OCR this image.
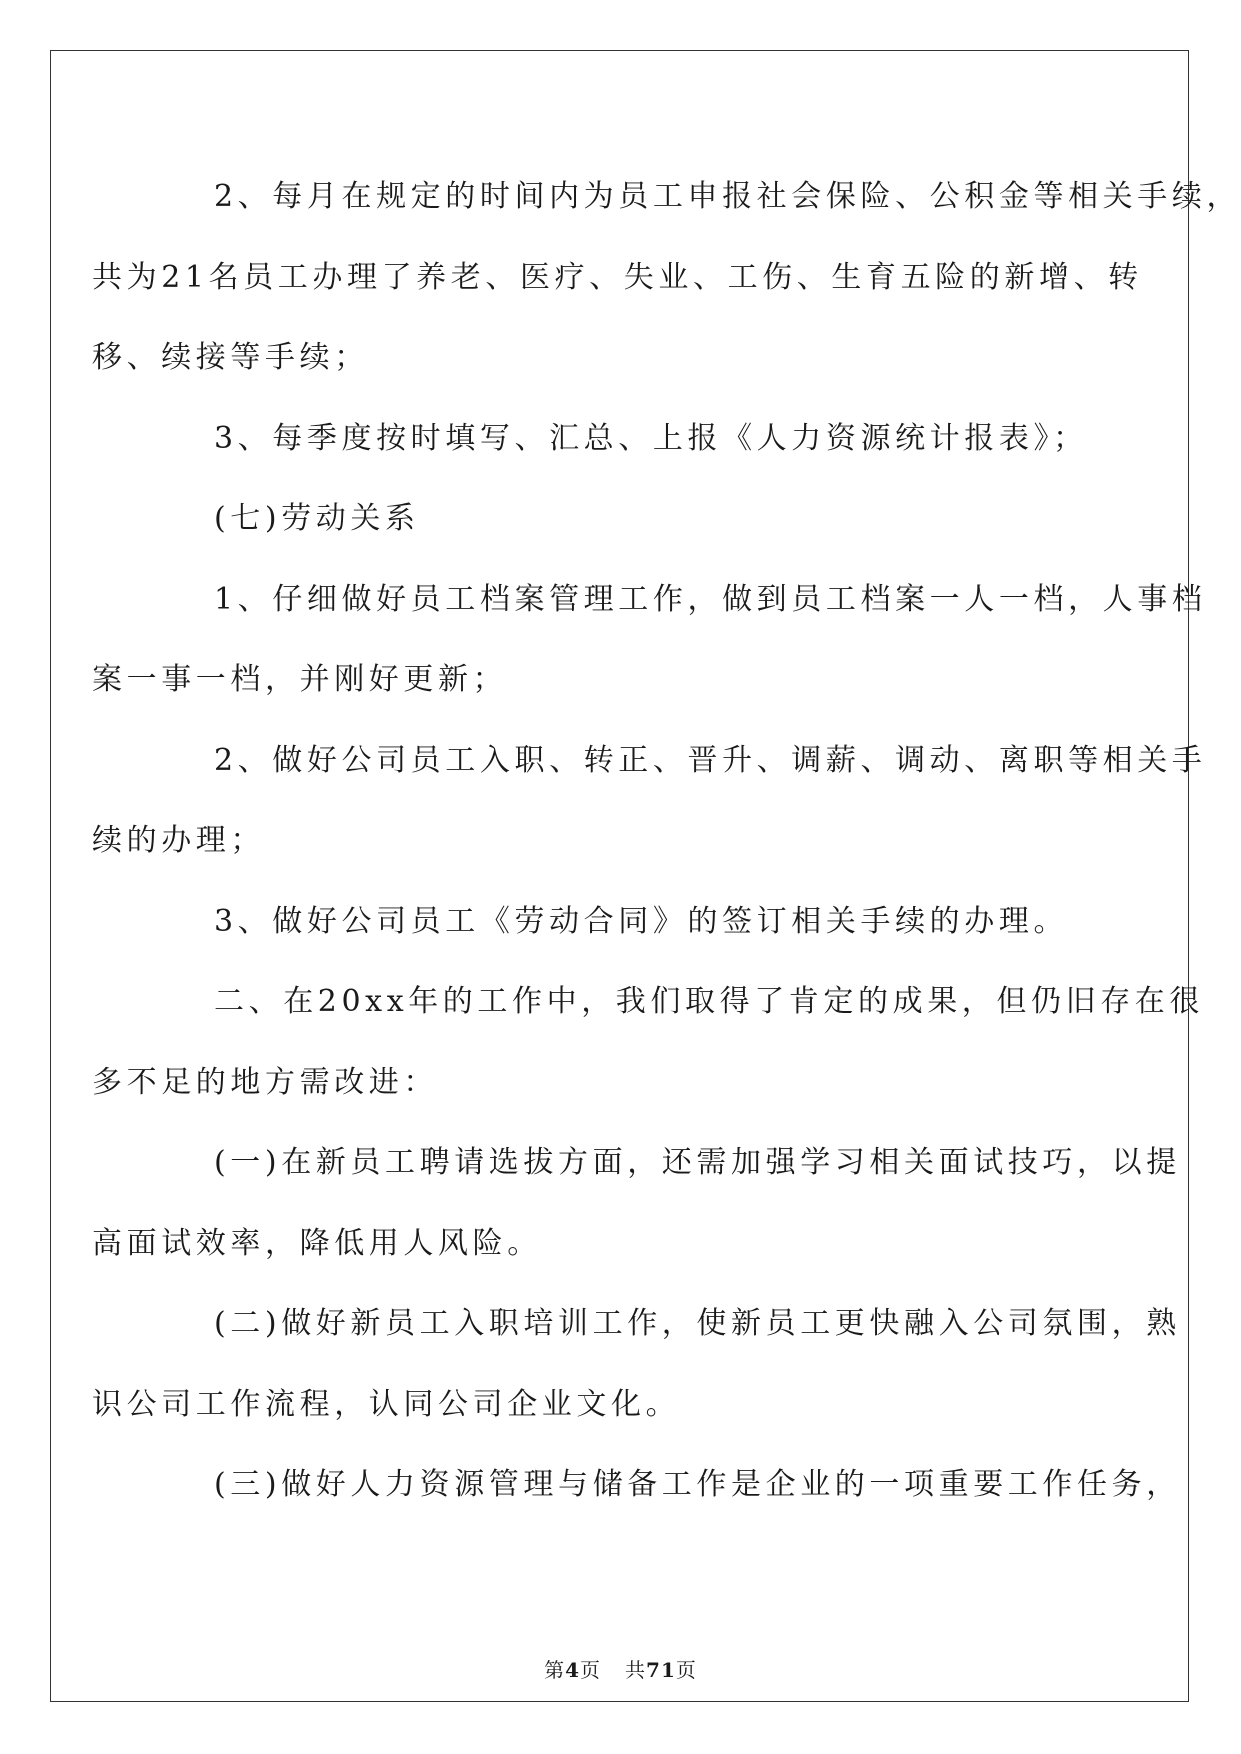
2、每月在规定的时间内为员工申报社会保险、公积金等相关手续，
共为21名员工办理了养老、医疗、失业、工伤、生育五险的新增、转
移、续接等手续；
3、每季度按时填写、汇总、上报《人力资源统计报表》；
(七)劳动关系
1、仔细做好员工档案管理工作，做到员工档案一人一档，人事档
案一事一档，并刚好更新；
2、做好公司员工入职、转正、晋升、调薪、调动、离职等相关手
续的办理；
3、做好公司员工《劳动合同》的签订相关手续的办理。
二、在20xx年的工作中，我们取得了肯定的成果，但仍旧存在很
多不足的地方需改进：
(一)在新员工聘请选拔方面，还需加强学习相关面试技巧，以提
高面试效率，降低用人风险。
(二)做好新员工入职培训工作，使新员工更快融入公司氛围，熟
识公司工作流程，认同公司企业文化。
(三)做好人力资源管理与储备工作是企业的一项重要工作任务，
第4页 共71页
